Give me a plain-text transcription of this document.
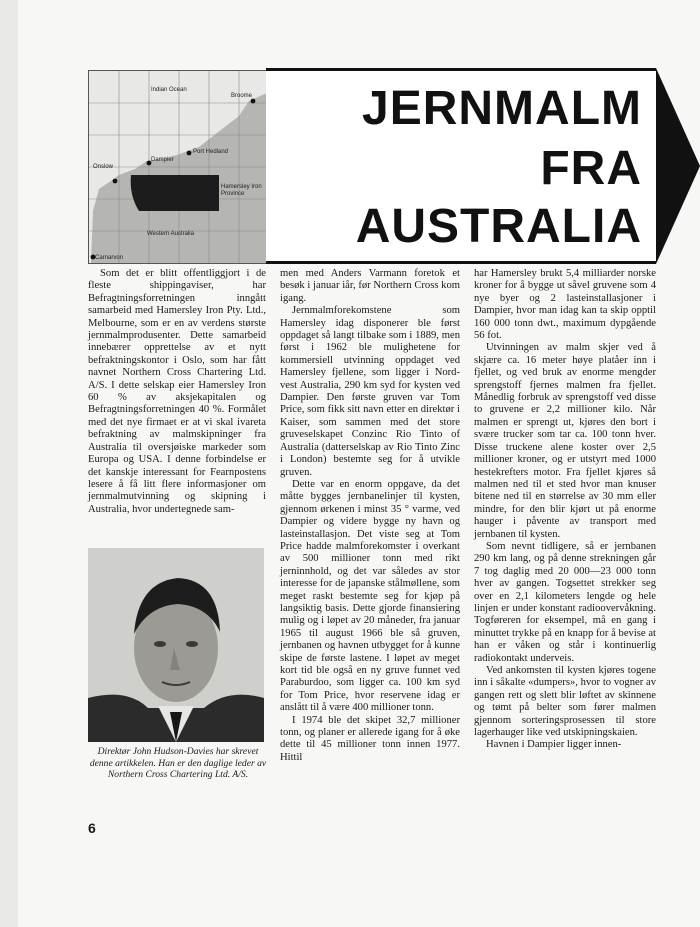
Indian Ocean
Broome
Port Hedland
Dampier
Onslow
Hamersley Iron Province
Western Australia
Carnarvon
JERNMALM
FRA
AUSTRALIA

Som det er blitt offentliggjort i de fleste shippingaviser, har Befragtningsforretningen inngått samarbeid med Hamersley Iron Pty. Ltd., Melbourne, som er en av verdens største jernmalmprodusenter. Dette samarbeid innebærer opprettelse av et nytt befraktningskontor i Oslo, som har fått navnet Northern Cross Chartering Ltd. A/S. I dette selskap eier Hamersley Iron 60 % av aksjekapitalen og Befragtningsforretningen 40 %. Formålet med det nye firmaet er at vi skal ivareta befraktning av malmskipninger fra Australia til oversjøiske markeder som Europa og USA. I denne forbindelse er det kanskje interessant for Fearnpostens lesere å få litt flere informasjoner om jernmalmutvinning og skipning i Australia, hvor undertegnede sam-

Direktør John Hudson-Davies har skrevet denne artikkelen. Han er den daglige leder av Northern Cross Chartering Ltd. A/S.

men med Anders Varmann foretok et besøk i januar iår, før Northern Cross kom igang.

Jernmalmforekomstene som Hamersley idag disponerer ble først oppdaget så langt tilbake som i 1889, men først i 1962 ble mulighetene for kommersiell utvinning oppdaget ved Hamersley fjellene, som ligger i Nord-vest Australia, 290 km syd for kysten ved Dampier. Den første gruven var Tom Price, som fikk sitt navn etter en direktør i Kaiser, som sammen med det store gruveselskapet Conzinc Rio Tinto of Australia (datterselskap av Rio Tinto Zinc i London) bestemte seg for å utvikle gruven.

Dette var en enorm oppgave, da det måtte bygges jernbanelinjer til kysten, gjennom ørkenen i minst 35 ° varme, ved Dampier og videre bygge ny havn og lasteinstallasjon. Det viste seg at Tom Price hadde malmforekomster i overkant av 500 millioner tonn med rikt jerninnhold, og det var således av stor interesse for de japanske stålmøllene, som meget raskt bestemte seg for kjøp på langsiktig basis. Dette gjorde finansiering mulig og i løpet av 20 måneder, fra januar 1965 til august 1966 ble så gruven, jernbanen og havnen utbygget for å kunne skipe de første lastene. I løpet av meget kort tid ble også en ny gruve funnet ved Paraburdoo, som ligger ca. 100 km syd for Tom Price, hvor reservene idag er anslått til å være 400 millioner tonn.

I 1974 ble det skipet 32,7 millioner tonn, og planer er allerede igang for å øke dette til 45 millioner tonn innen 1977. Hittil

har Hamersley brukt 5,4 milliarder norske kroner for å bygge ut såvel gruvene som 4 nye byer og 2 lasteinstallasjoner i Dampier, hvor man idag kan ta skip opptil 160 000 tonn dwt., maximum dypgående 56 fot.

Utvinningen av malm skjer ved å skjære ca. 16 meter høye platåer inn i fjellet, og ved bruk av enorme mengder sprengstoff fjernes malmen fra fjellet. Månedlig forbruk av sprengstoff ved disse to gruvene er 2,2 millioner kilo. Når malmen er sprengt ut, kjøres den bort i svære trucker som tar ca. 100 tonn hver. Disse truckene alene koster over 2,5 millioner kroner, og er utstyrt med 1000 hestekrefters motor. Fra fjellet kjøres så malmen ned til et sted hvor man knuser bitene ned til en størrelse av 30 mm eller mindre, for den blir kjørt ut på enorme hauger i påvente av transport med jernbanen til kysten.

Som nevnt tidligere, så er jernbanen 290 km lang, og på denne strekningen går 7 tog daglig med 20 000—23 000 tonn hver av gangen. Togsettet strekker seg over en 2,1 kilometers lengde og hele linjen er under konstant radioovervåkning. Togføreren for eksempel, må en gang i minuttet trykke på en knapp for å bevise at han er våken og står i kontinuerlig radiokontakt underveis.

Ved ankomsten til kysten kjøres togene inn i såkalte «dumpers», hvor to vogner av gangen rett og slett blir løftet av skinnene og tømt på belter som fører malmen gjennom sorteringsprosessen til store lagerhauger like ved utskipningskaien.

Havnen i Dampier ligger innen-

6
